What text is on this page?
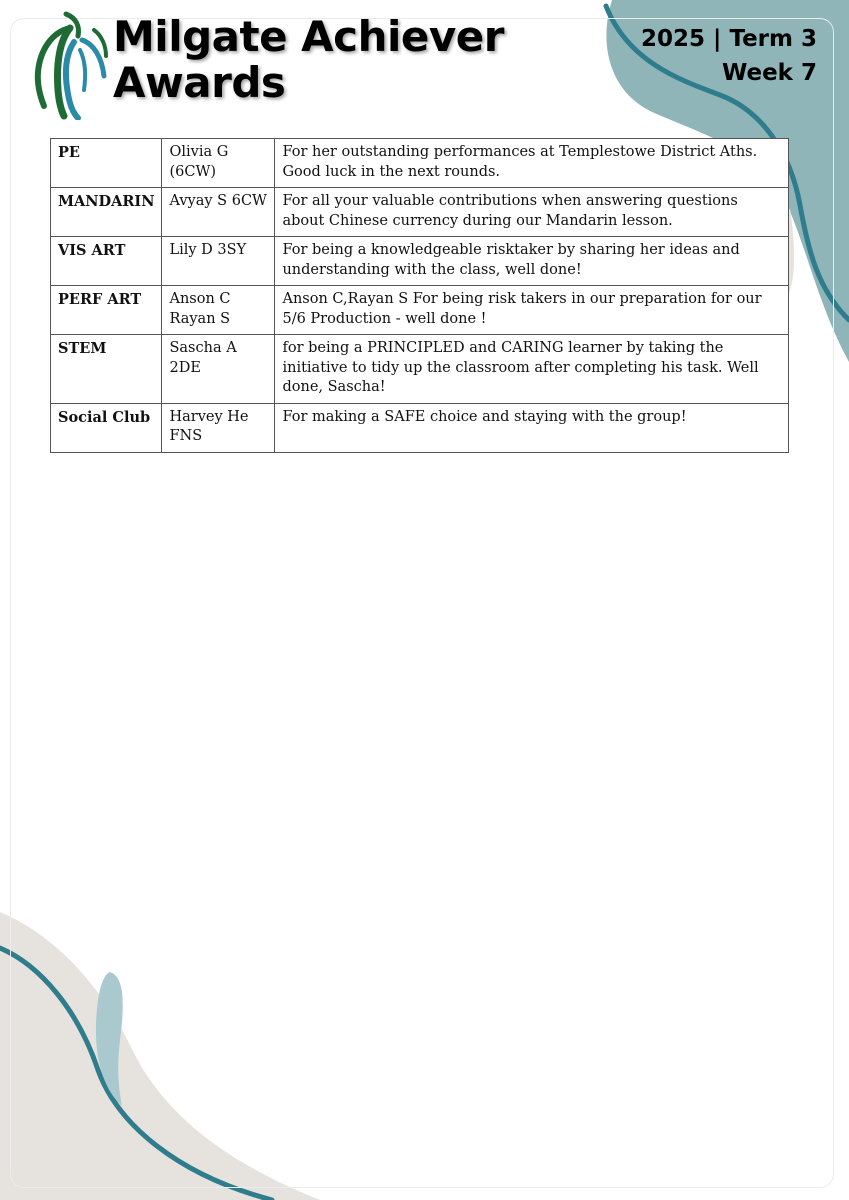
Milgate Achiever
Awards
2025 | Term 3
Week 7
PE	Olivia G (6CW)	For her outstanding performances at Templestowe District Aths. Good luck in the next rounds.
MANDARIN	Avyay S 6CW	For all your valuable contributions when answering questions about Chinese currency during our Mandarin lesson.
VIS ART	Lily D 3SY	For being a knowledgeable risktaker by sharing her ideas and understanding with the class, well done!
PERF ART	Anson C Rayan S	Anson C,Rayan S For being risk takers in our preparation for our 5/6 Production - well done !
STEM	Sascha A 2DE	for being a PRINCIPLED and CARING learner by taking the initiative to tidy up the classroom after completing his task. Well done, Sascha!
Social Club	Harvey He FNS	For making a SAFE choice and staying with the group!
